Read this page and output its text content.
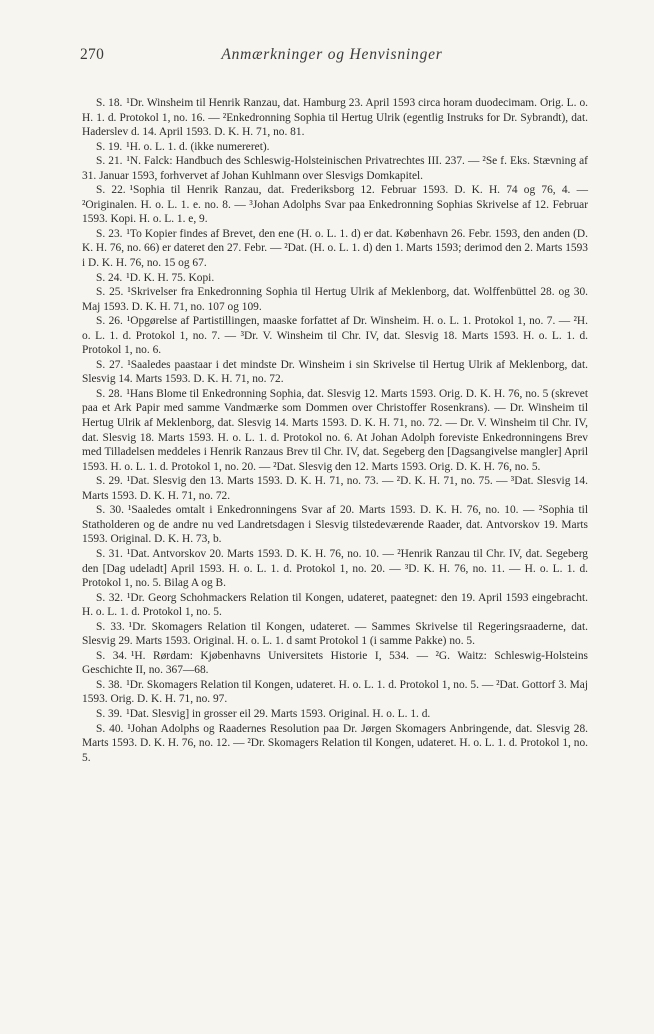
270	Anmærkninger og Henvisninger

S. 18. ¹Dr. Winsheim til Henrik Ranzau, dat. Hamburg 23. April 1593 circa horam duodecimam. Orig. L. o. H. 1. d. Protokol 1, no. 16. — ²Enkedronning Sophia til Hertug Ulrik (egentlig Instruks for Dr. Sybrandt), dat. Haderslev d. 14. April 1593. D. K. H. 71, no. 81.

S. 19. ¹H. o. L. 1. d. (ikke numereret).

S. 21. ¹N. Falck: Handbuch des Schleswig-Holsteinischen Privatrechtes III. 237. — ²Se f. Eks. Stævning af 31. Januar 1593, forhvervet af Johan Kuhlmann over Slesvigs Domkapitel.

S. 22. ¹Sophia til Henrik Ranzau, dat. Frederiksborg 12. Februar 1593. D. K. H. 74 og 76, 4. — ²Originalen. H. o. L. 1. e. no. 8. — ³Johan Adolphs Svar paa Enkedronning Sophias Skrivelse af 12. Februar 1593. Kopi. H. o. L. 1. e, 9.

S. 23. ¹To Kopier findes af Brevet, den ene (H. o. L. 1. d) er dat. København 26. Febr. 1593, den anden (D. K. H. 76, no. 66) er dateret den 27. Febr. — ²Dat. (H. o. L. 1. d) den 1. Marts 1593; derimod den 2. Marts 1593 i D. K. H. 76, no. 15 og 67.

S. 24. ¹D. K. H. 75. Kopi.

S. 25. ¹Skrivelser fra Enkedronning Sophia til Hertug Ulrik af Meklenborg, dat. Wolffenbüttel 28. og 30. Maj 1593. D. K. H. 71, no. 107 og 109.

S. 26. ¹Opgørelse af Partistillingen, maaske forfattet af Dr. Winsheim. H. o. L. 1. Protokol 1, no. 7. — ²H. o. L. 1. d. Protokol 1, no. 7. — ³Dr. V. Winsheim til Chr. IV, dat. Slesvig 18. Marts 1593. H. o. L. 1. d. Protokol 1, no. 6.

S. 27. ¹Saaledes paastaar i det mindste Dr. Winsheim i sin Skrivelse til Hertug Ulrik af Meklenborg, dat. Slesvig 14. Marts 1593. D. K. H. 71, no. 72.

S. 28. ¹Hans Blome til Enkedronning Sophia, dat. Slesvig 12. Marts 1593. Orig. D. K. H. 76, no. 5 (skrevet paa et Ark Papir med samme Vandmærke som Dommen over Christoffer Rosenkrans). — Dr. Winsheim til Hertug Ulrik af Meklenborg, dat. Slesvig 14. Marts 1593. D. K. H. 71, no. 72. — Dr. V. Winsheim til Chr. IV, dat. Slesvig 18. Marts 1593. H. o. L. 1. d. Protokol no. 6. At Johan Adolph foreviste Enkedronningens Brev med Tilladelsen meddeles i Henrik Ranzaus Brev til Chr. IV, dat. Segeberg den [Dagsangivelse mangler] April 1593. H. o. L. 1. d. Protokol 1, no. 20. — ²Dat. Slesvig den 12. Marts 1593. Orig. D. K. H. 76, no. 5.

S. 29. ¹Dat. Slesvig den 13. Marts 1593. D. K. H. 71, no. 73. — ²D. K. H. 71, no. 75. — ³Dat. Slesvig 14. Marts 1593. D. K. H. 71, no. 72.

S. 30. ¹Saaledes omtalt i Enkedronningens Svar af 20. Marts 1593. D. K. H. 76, no. 10. — ²Sophia til Statholderen og de andre nu ved Landretsdagen i Slesvig tilstedeværende Raader, dat. Antvorskov 19. Marts 1593. Original. D. K. H. 73, b.

S. 31. ¹Dat. Antvorskov 20. Marts 1593. D. K. H. 76, no. 10. — ²Henrik Ranzau til Chr. IV, dat. Segeberg den [Dag udeladt] April 1593. H. o. L. 1. d. Protokol 1, no. 20. — ³D. K. H. 76, no. 11. — H. o. L. 1. d. Protokol 1, no. 5. Bilag A og B.

S. 32. ¹Dr. Georg Schohmackers Relation til Kongen, udateret, paategnet: den 19. April 1593 eingebracht. H. o. L. 1. d. Protokol 1, no. 5.

S. 33. ¹Dr. Skomagers Relation til Kongen, udateret. — Sammes Skrivelse til Regeringsraaderne, dat. Slesvig 29. Marts 1593. Original. H. o. L. 1. d samt Protokol 1 (i samme Pakke) no. 5.

S. 34. ¹H. Rørdam: Kjøbenhavns Universitets Historie I, 534. — ²G. Waitz: Schleswig-Holsteins Geschichte II, no. 367—68.

S. 38. ¹Dr. Skomagers Relation til Kongen, udateret. H. o. L. 1. d. Protokol 1, no. 5. — ²Dat. Gottorf 3. Maj 1593. Orig. D. K. H. 71, no. 97.

S. 39. ¹Dat. Slesvig] in grosser eil 29. Marts 1593. Original. H. o. L. 1. d.

S. 40. ¹Johan Adolphs og Raadernes Resolution paa Dr. Jørgen Skomagers Anbringende, dat. Slesvig 28. Marts 1593. D. K. H. 76, no. 12. — ²Dr. Skomagers Relation til Kongen, udateret. H. o. L. 1. d. Protokol 1, no. 5.
